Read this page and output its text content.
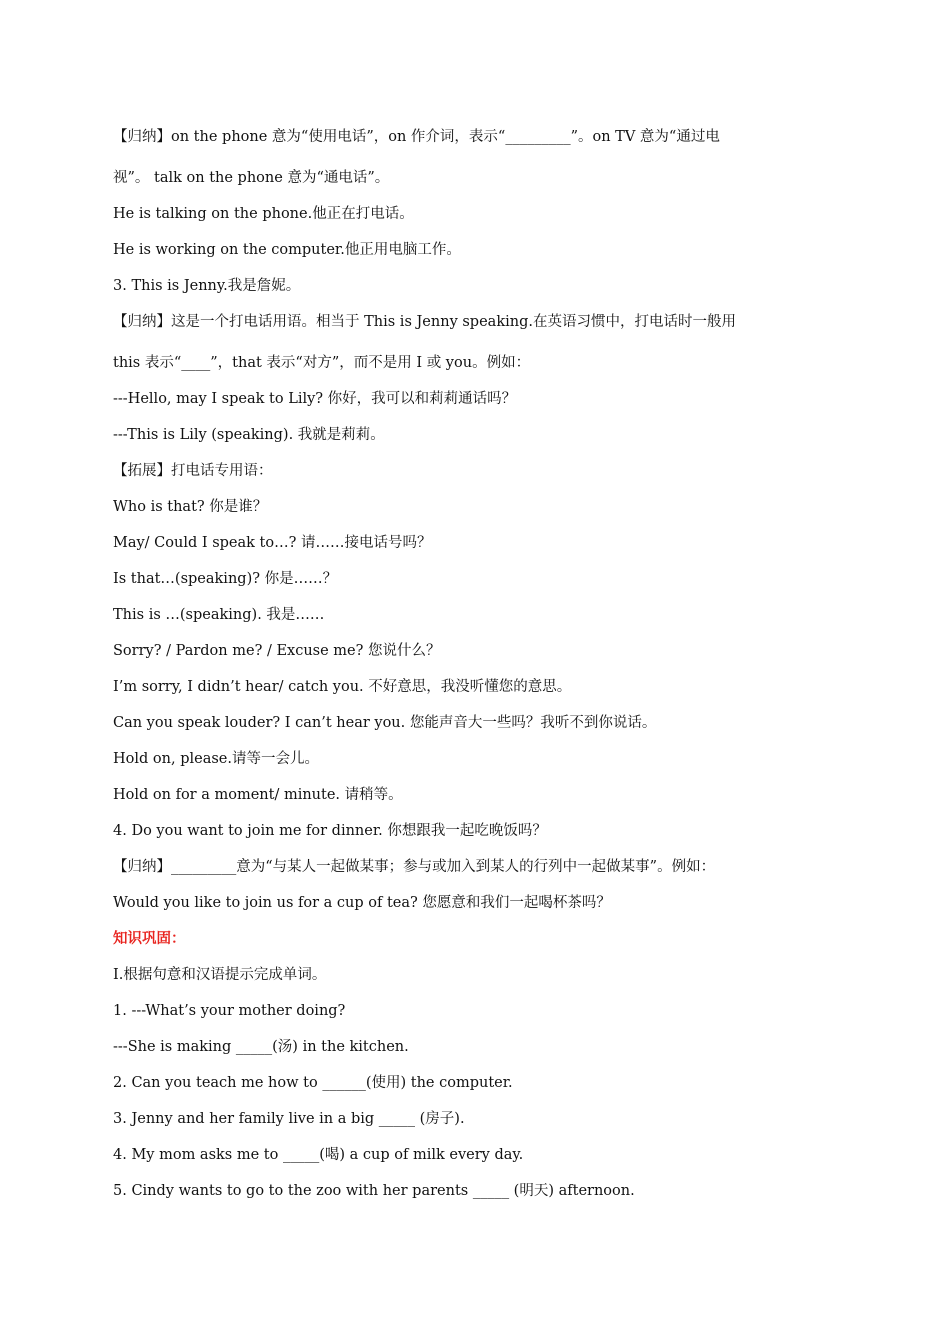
【归纳】on the phone 意为“使用电话”，on 作介词，表示“_________”。on TV 意为“通过电
视”。 talk on the phone 意为“通电话”。
He is talking on the phone.他正在打电话。
He is working on the computer.他正用电脑工作。
3. This is Jenny.我是詹妮。
【归纳】这是一个打电话用语。相当于 This is Jenny speaking.在英语习惯中，打电话时一般用
this 表示“____”，that 表示“对方”，而不是用 I 或 you。例如：
---Hello, may I speak to Lily? 你好，我可以和莉莉通话吗？
---This is Lily (speaking). 我就是莉莉。
【拓展】打电话专用语：
Who is that? 你是谁？
May/ Could I speak to…? 请……接电话号吗？
Is that…(speaking)? 你是……？
This is …(speaking). 我是……
Sorry? / Pardon me? / Excuse me? 您说什么？
I’m sorry, I didn’t hear/ catch you. 不好意思，我没听懂您的意思。
Can you speak louder? I can’t hear you. 您能声音大一些吗？我听不到你说话。
Hold on, please.请等一会儿。
Hold on for a moment/ minute. 请稍等。
4. Do you want to join me for dinner. 你想跟我一起吃晚饭吗？
【归纳】_________意为“与某人一起做某事；参与或加入到某人的行列中一起做某事”。例如：
Would you like to join us for a cup of tea? 您愿意和我们一起喝杯茶吗？
知识巩固：
Ⅰ.根据句意和汉语提示完成单词。
1. ---What’s your mother doing?
---She is making _____(汤) in the kitchen.
2. Can you teach me how to ______(使用) the computer.
3. Jenny and her family live in a big _____ (房子).
4. My mom asks me to _____(喝) a cup of milk every day.
5. Cindy wants to go to the zoo with her parents _____ (明天) afternoon.
